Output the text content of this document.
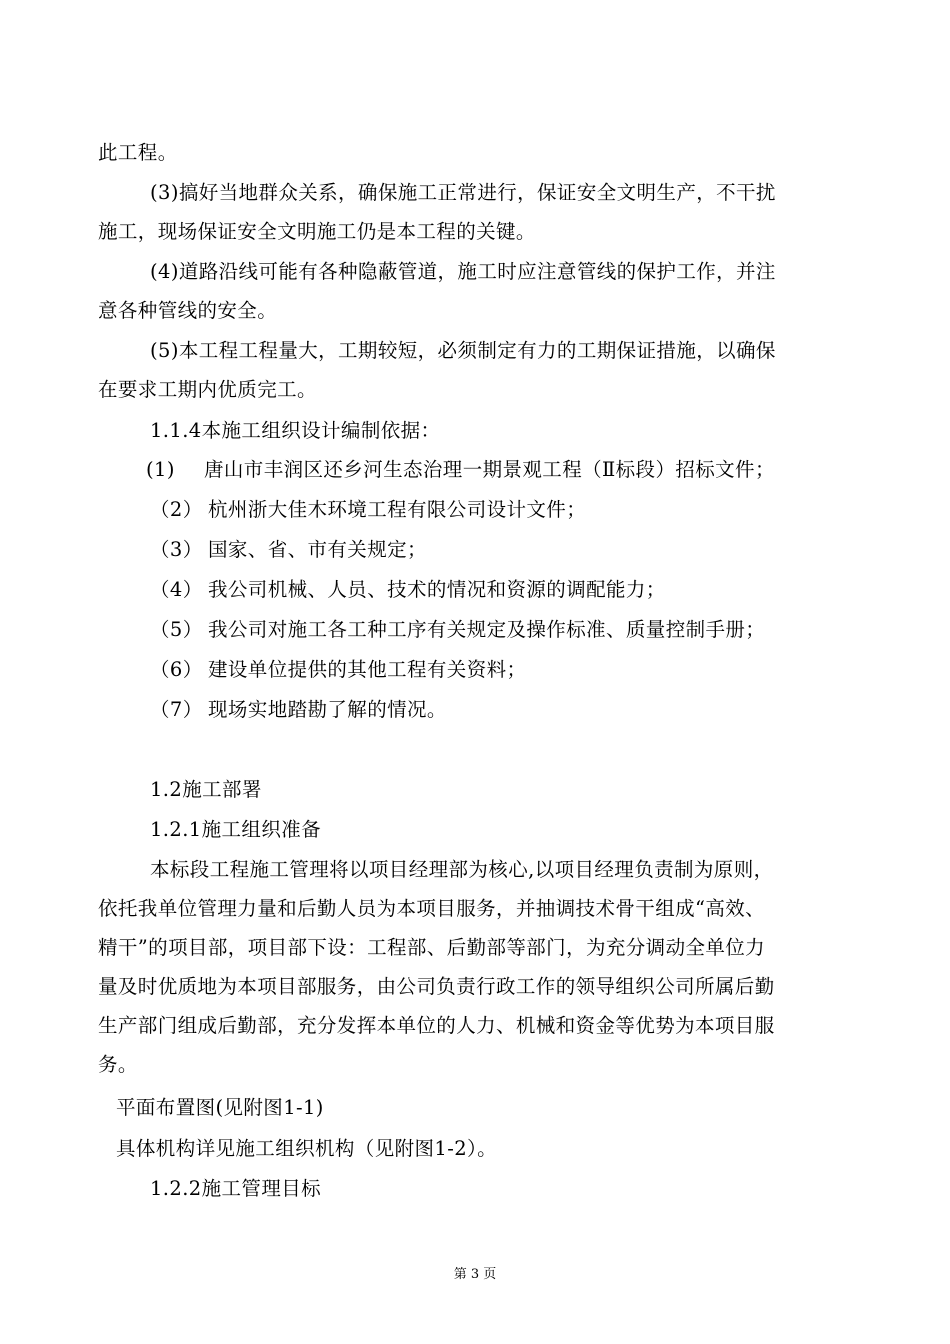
此工程。
(3)搞好当地群众关系，确保施工正常进行，保证安全文明生产，不干扰
施工，现场保证安全文明施工仍是本工程的关键。
(4)道路沿线可能有各种隐蔽管道，施工时应注意管线的保护工作，并注
意各种管线的安全。
(5)本工程工程量大，工期较短，必须制定有力的工期保证措施，以确保
在要求工期内优质完工。
1.1.4本施工组织设计编制依据：
(1) 唐山市丰润区还乡河生态治理一期景观工程（Ⅱ标段）招标文件；
（2） 杭州浙大佳木环境工程有限公司设计文件；
（3） 国家、省、市有关规定；
（4） 我公司机械、人员、技术的情况和资源的调配能力；
（5） 我公司对施工各工种工序有关规定及操作标准、质量控制手册；
（6） 建设单位提供的其他工程有关资料；
（7） 现场实地踏勘了解的情况。
1.2施工部署
1.2.1施工组织准备
本标段工程施工管理将以项目经理部为核心,以项目经理负责制为原则，
依托我单位管理力量和后勤人员为本项目服务，并抽调技术骨干组成“高效、
精干”的项目部，项目部下设：工程部、后勤部等部门，为充分调动全单位力
量及时优质地为本项目部服务，由公司负责行政工作的领导组织公司所属后勤
生产部门组成后勤部，充分发挥本单位的人力、机械和资金等优势为本项目服
务。
平面布置图(见附图1-1)
具体机构详见施工组织机构（见附图1-2）。
1.2.2施工管理目标
第 3 页
